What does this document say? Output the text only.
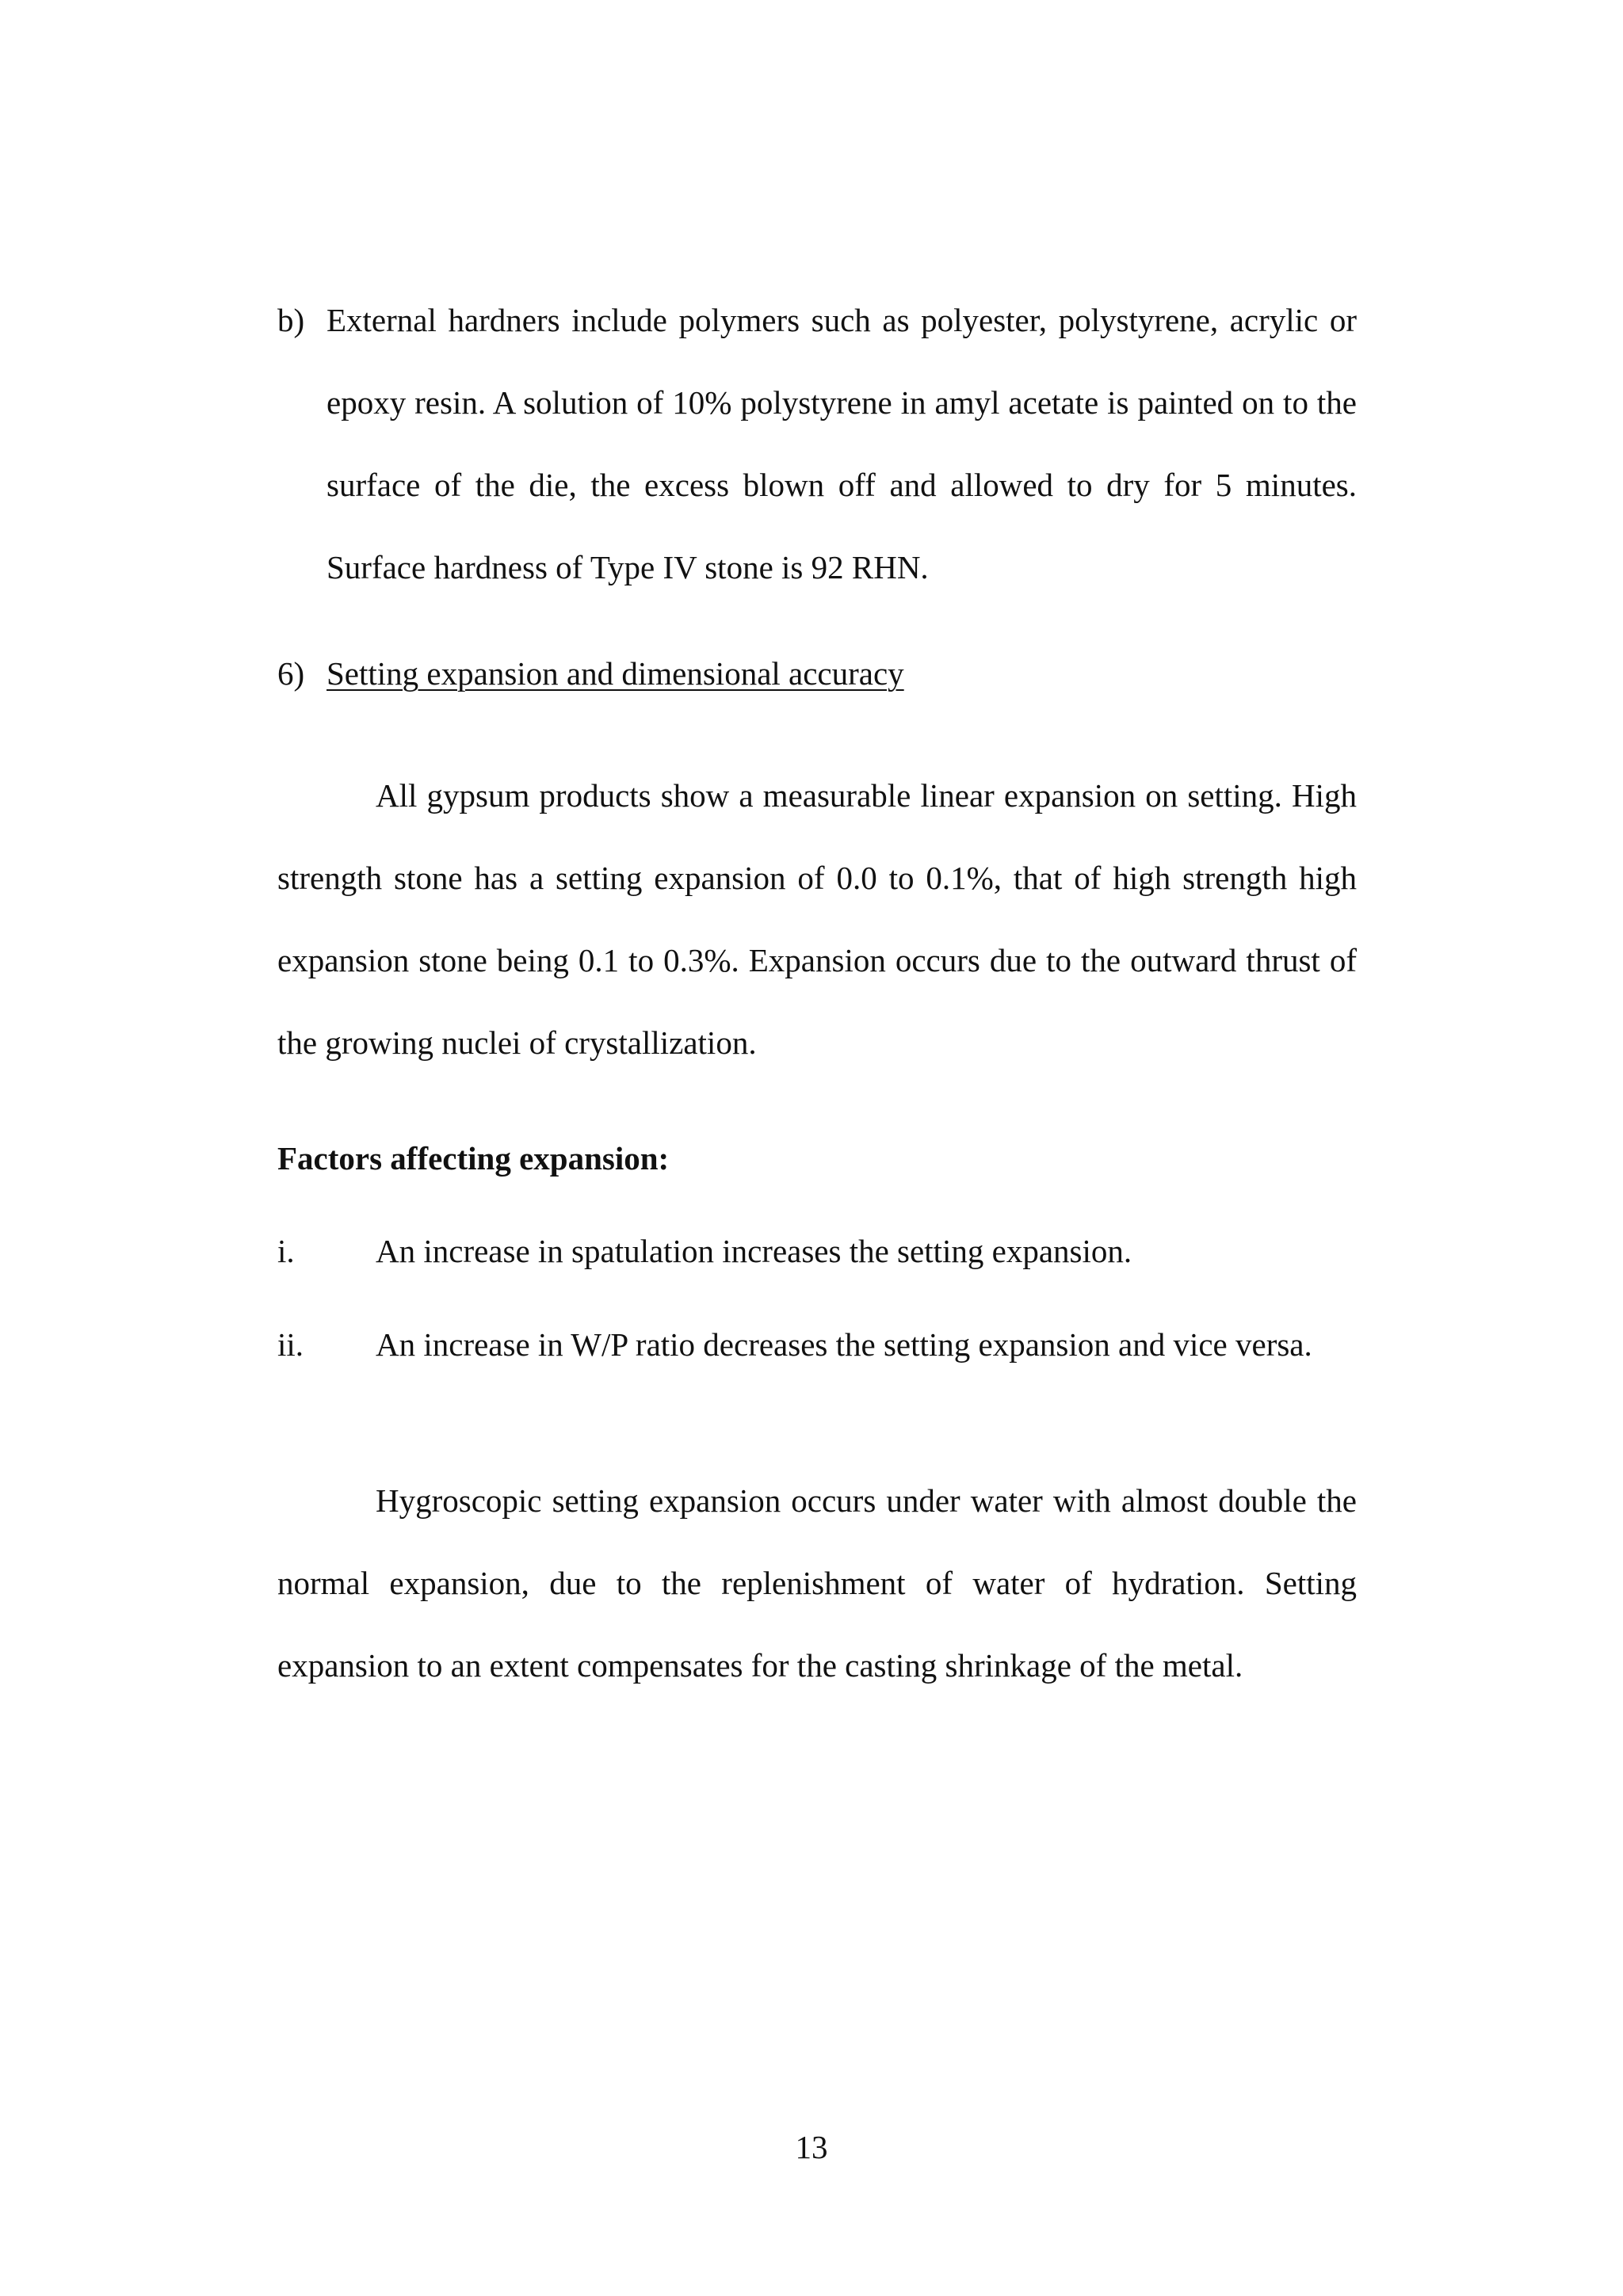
b) External hardners include polymers such as polyester, polystyrene, acrylic or epoxy resin. A solution of 10% polystyrene in amyl acetate is painted on to the surface of the die, the excess blown off and allowed to dry for 5 minutes. Surface hardness of Type IV stone is 92 RHN.

6) Setting expansion and dimensional accuracy

All gypsum products show a measurable linear expansion on setting. High strength stone has a setting expansion of 0.0 to 0.1%, that of high strength high expansion stone being 0.1 to 0.3%. Expansion occurs due to the outward thrust of the growing nuclei of crystallization.

Factors affecting expansion:
i. An increase in spatulation increases the setting expansion.

ii. An increase in W/P ratio decreases the setting expansion and vice versa.

Hygroscopic setting expansion occurs under water with almost double the normal expansion, due to the replenishment of water of hydration. Setting expansion to an extent compensates for the casting shrinkage of the metal.

13
